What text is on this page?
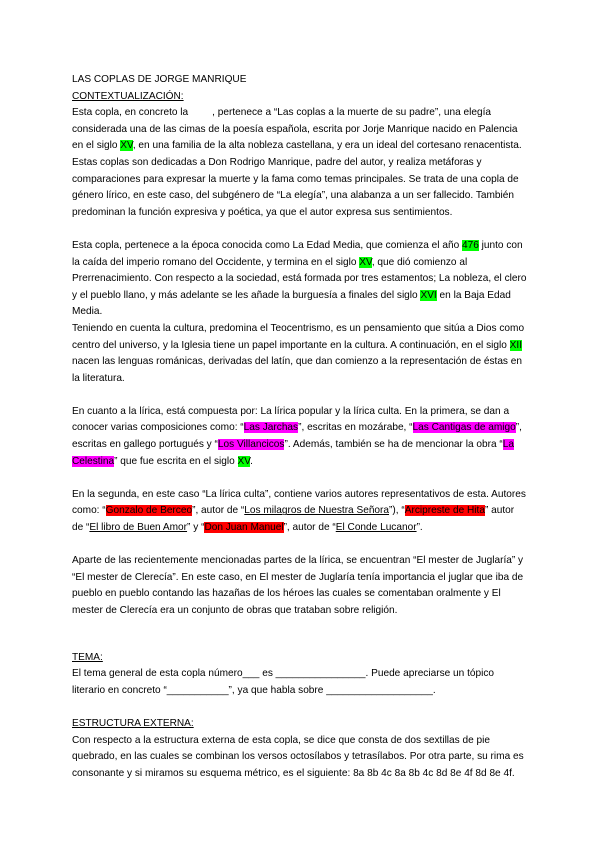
LAS COPLAS DE JORGE MANRIQUE

CONTEXTUALIZACIÓN:

Esta copla, en concreto la , pertenece a “Las coplas a la muerte de su padre”, una elegía considerada una de las cimas de la poesía española, escrita por Jorje Manrique nacido en Palencia en el siglo XV, en una familia de la alta nobleza castellana, y era un ideal del cortesano renacentista. Estas coplas son dedicadas a Don Rodrigo Manrique, padre del autor, y realiza metáforas y comparaciones para expresar la muerte y la fama como temas principales. Se trata de una copla de género lírico, en este caso, del subgénero de “La elegía”, una alabanza a un ser fallecido. También predominan la función expresiva y poética, ya que el autor expresa sus sentimientos.

Esta copla, pertenece a la época conocida como La Edad Media, que comienza el año 476 junto con la caída del imperio romano del Occidente, y termina en el siglo XV, que dió comienzo al Prerrenacimiento. Con respecto a la sociedad, está formada por tres estamentos; La nobleza, el clero y el pueblo llano, y más adelante se les añade la burguesía a finales del siglo XVI en la Baja Edad Media.

Teniendo en cuenta la cultura, predomina el Teocentrismo, es un pensamiento que sitúa a Dios como centro del universo, y la Iglesia tiene un papel importante en la cultura. A continuación, en el siglo XII nacen las lenguas románicas, derivadas del latín, que dan comienzo a la representación de éstas en la literatura.

En cuanto a la lírica, está compuesta por: La lírica popular y la lírica culta. En la primera, se dan a conocer varias composiciones como: “Las Jarchas”, escritas en mozárabe, “Las Cantigas de amigo”, escritas en gallego portugués y “Los Villancicos”. Además, también se ha de mencionar la obra “La Celestina” que fue escrita en el siglo XV.

En la segunda, en este caso “La lírica culta”, contiene varios autores representativos de esta. Autores como: “Gonzalo de Berceo”, autor de “Los milagros de Nuestra Señora”), “Arcipreste de Hita” autor de “El libro de Buen Amor” y “Don Juan Manuel”, autor de “El Conde Lucanor”.

Aparte de las recientemente mencionadas partes de la lírica, se encuentran “El mester de Juglaría” y “El mester de Clerecía”. En este caso, en El mester de Juglaría tenía importancia el juglar que iba de pueblo en pueblo contando las hazañas de los héroes las cuales se comentaban oralmente y El mester de Clerecía era un conjunto de obras que trataban sobre religión.

TEMA:

El tema general de esta copla número___ es ________________. Puede apreciarse un tópico literario en concreto “___________”, ya que habla sobre ___________________.

ESTRUCTURA EXTERNA:

Con respecto a la estructura externa de esta copla, se dice que consta de dos sextillas de pie quebrado, en las cuales se combinan los versos octosílabos y tetrasílabos. Por otra parte, su rima es consonante y si miramos su esquema métrico, es el siguiente: 8a 8b 4c 8a 8b 4c 8d 8e 4f 8d 8e 4f.
